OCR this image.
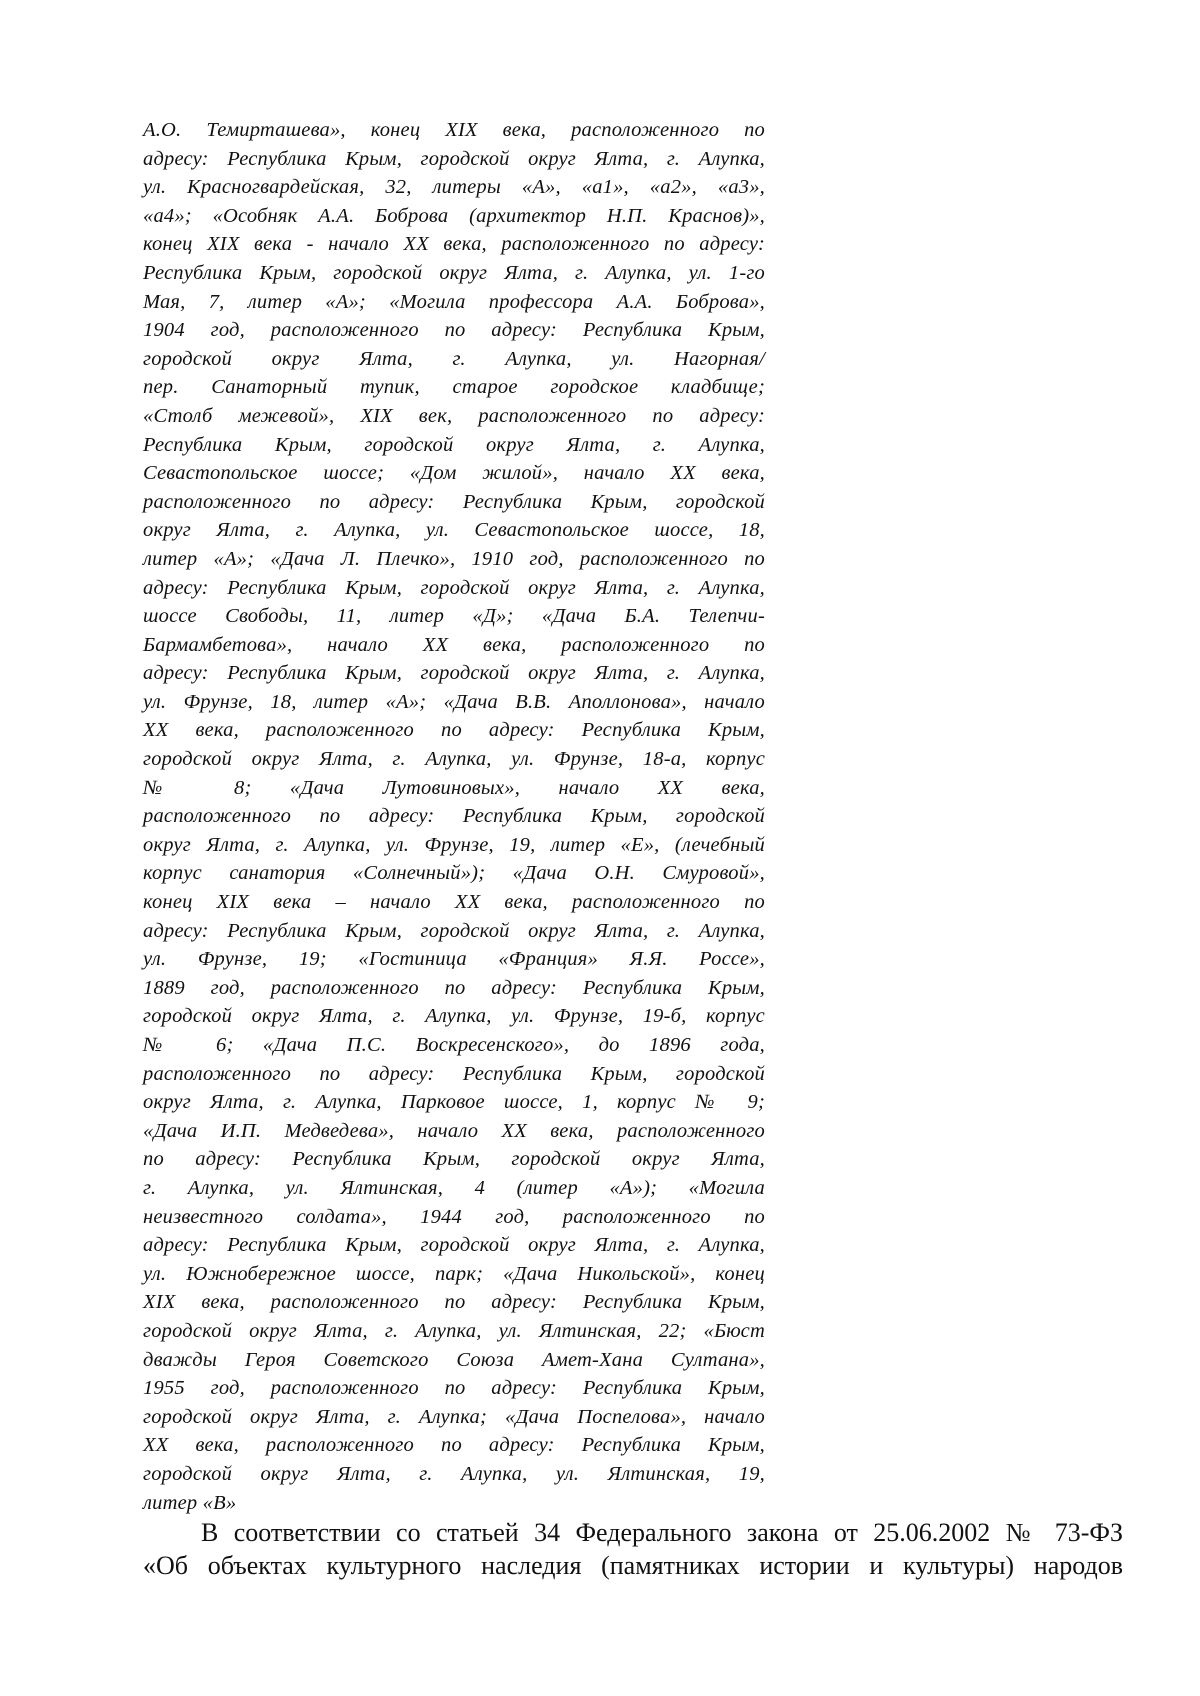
А.О. Темирташева», конец XIX века, расположенного по
адресу: Республика Крым, городской округ Ялта, г. Алупка,
ул. Красногвардейская, 32, литеры «А», «а1», «а2», «а3»,
«а4»; «Особняк А.А. Боброва (архитектор Н.П. Краснов)»,
конец XIX века - начало XX века, расположенного по адресу:
Республика Крым, городской округ Ялта, г. Алупка, ул. 1-го
Мая, 7, литер «А»; «Могила профессора А.А. Боброва»,
1904 год, расположенного по адресу: Республика Крым,
городской округ Ялта, г. Алупка, ул. Нагорная/
пер. Санаторный тупик, старое городское кладбище;
«Столб межевой», XIX век, расположенного по адресу:
Республика Крым, городской округ Ялта, г. Алупка,
Севастопольское шоссе; «Дом жилой», начало XX века,
расположенного по адресу: Республика Крым, городской
округ Ялта, г. Алупка, ул. Севастопольское шоссе, 18,
литер «А»; «Дача Л. Плечко», 1910 год, расположенного по
адресу: Республика Крым, городской округ Ялта, г. Алупка,
шоссе Свободы, 11, литер «Д»; «Дача Б.А. Телепчи-
Бармамбетова», начало XX века, расположенного по
адресу: Республика Крым, городской округ Ялта, г. Алупка,
ул. Фрунзе, 18, литер «А»; «Дача В.В. Аполлонова», начало
XX века, расположенного по адресу: Республика Крым,
городской округ Ялта, г. Алупка, ул. Фрунзе, 18-а, корпус
№ 8; «Дача Лутовиновых», начало XX века,
расположенного по адресу: Республика Крым, городской
округ Ялта, г. Алупка, ул. Фрунзе, 19, литер «Е», (лечебный
корпус санатория «Солнечный»); «Дача О.Н. Смуровой»,
конец XIX века – начало XX века, расположенного по
адресу: Республика Крым, городской округ Ялта, г. Алупка,
ул. Фрунзе, 19; «Гостиница «Франция» Я.Я. Россе»,
1889 год, расположенного по адресу: Республика Крым,
городской округ Ялта, г. Алупка, ул. Фрунзе, 19-б, корпус
№ 6; «Дача П.С. Воскресенского», до 1896 года,
расположенного по адресу: Республика Крым, городской
округ Ялта, г. Алупка, Парковое шоссе, 1, корпус № 9;
«Дача И.П. Медведева», начало XX века, расположенного
по адресу: Республика Крым, городской округ Ялта,
г. Алупка, ул. Ялтинская, 4 (литер «А»); «Могила
неизвестного солдата», 1944 год, расположенного по
адресу: Республика Крым, городской округ Ялта, г. Алупка,
ул. Южнобережное шоссе, парк; «Дача Никольской», конец
XIX века, расположенного по адресу: Республика Крым,
городской округ Ялта, г. Алупка, ул. Ялтинская, 22; «Бюст
дважды Героя Советского Союза Амет-Хана Султана»,
1955 год, расположенного по адресу: Республика Крым,
городской округ Ялта, г. Алупка; «Дача Поспелова», начало
XX века, расположенного по адресу: Республика Крым,
городской округ Ялта, г. Алупка, ул. Ялтинская, 19,
литер «В»
В соответствии со статьей 34 Федерального закона от 25.06.2002 № 73-ФЗ
«Об объектах культурного наследия (памятниках истории и культуры) народов
